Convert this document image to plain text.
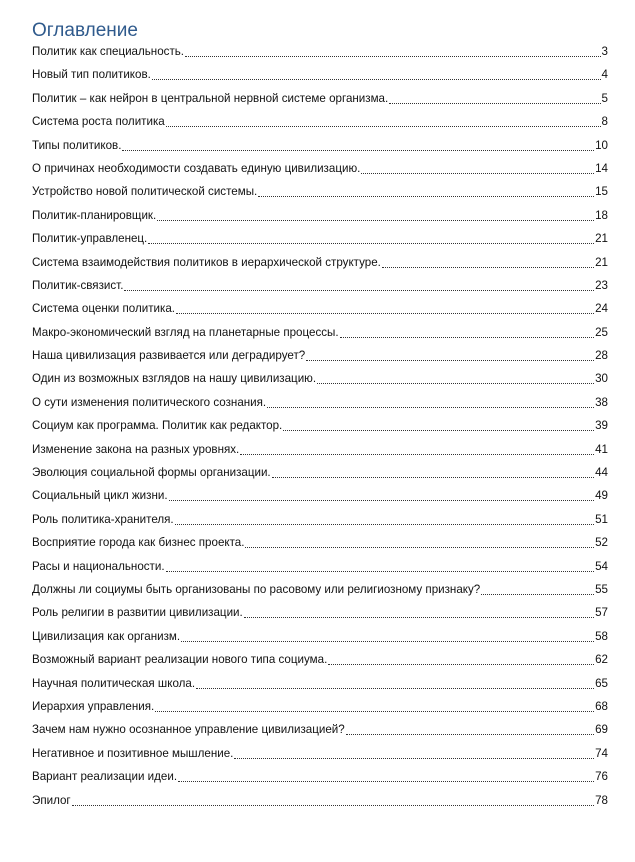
Оглавление
Политик как специальность.	3
Новый тип политиков.	4
Политик – как нейрон в центральной нервной системе организма.	5
Система роста политика	8
Типы политиков.	10
О причинах необходимости создавать единую цивилизацию.	14
Устройство новой политической системы.	15
Политик-планировщик.	18
Политик-управленец.	21
Система взаимодействия политиков в иерархической структуре.	21
Политик-связист.	23
Система оценки политика.	24
Макро-экономический взгляд на планетарные процессы.	25
Наша цивилизация развивается или деградирует?	28
Один из возможных взглядов на нашу цивилизацию.	30
О сути изменения политического сознания.	38
Социум как программа. Политик как редактор.	39
Изменение закона на разных уровнях.	41
Эволюция социальной формы организации.	44
Социальный цикл жизни.	49
Роль политика-хранителя.	51
Восприятие города как бизнес проекта.	52
Расы и национальности.	54
Должны ли социумы быть организованы по расовому или религиозному признаку?	55
Роль религии в развитии цивилизации.	57
Цивилизация как организм.	58
Возможный вариант реализации нового типа социума.	62
Научная политическая школа.	65
Иерархия управления.	68
Зачем нам нужно осознанное управление цивилизацией?	69
Негативное и позитивное мышление.	74
Вариант реализации идеи.	76
Эпилог	78
